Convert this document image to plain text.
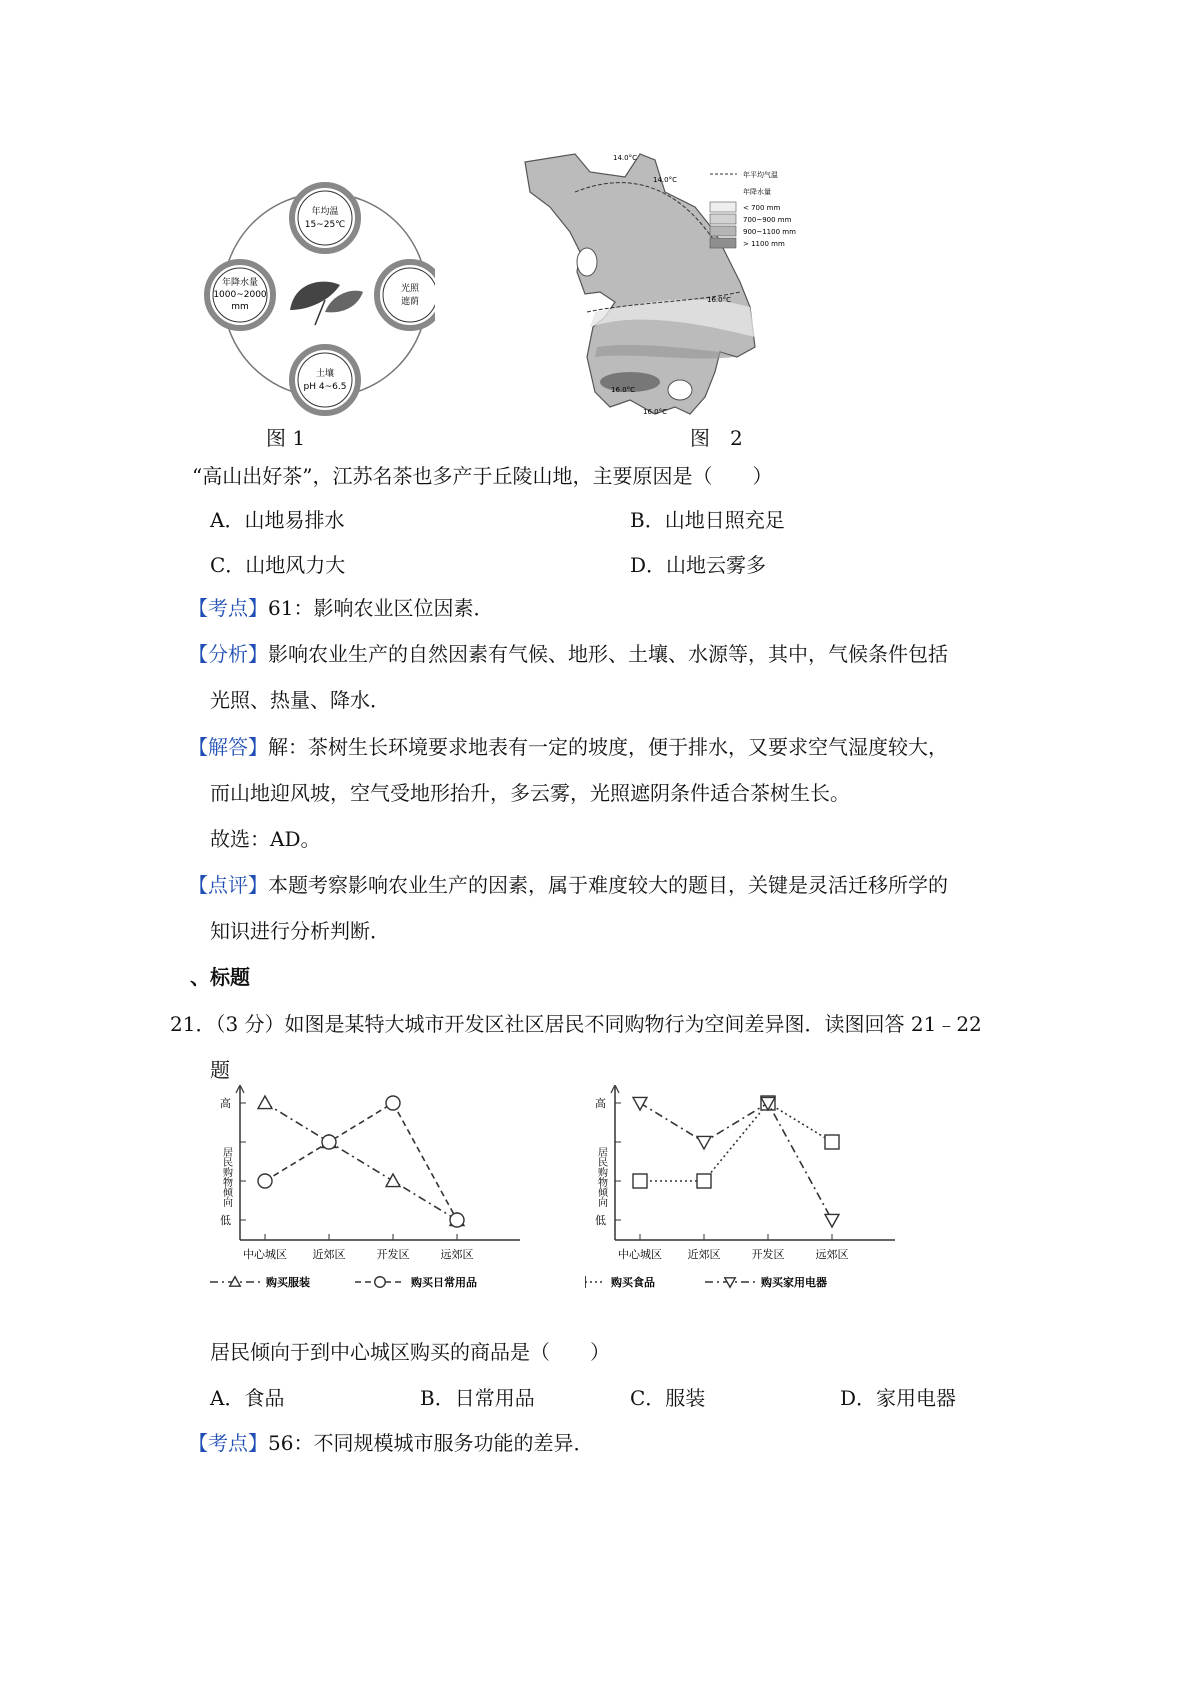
年均温
15~25℃
光照
遮荫
土壤
pH 4~6.5
年降水量
1000~2000
mm
图 1
14.0°C
14.0°C
16.0°C
16.0°C
16.0°C
年平均气温
年降水量
< 700 mm
700~900 mm
900~1100 mm
> 1100 mm
图　2
“高山出好茶”，江苏名茶也多产于丘陵山地，主要原因是（　　）
A．山地易排水	B．山地日照充足
C．山地风力大	D．山地云雾多
【考点】61：影响农业区位因素．
【分析】影响农业生产的自然因素有气候、地形、土壤、水源等，其中，气候条件包括
光照、热量、降水．
【解答】解：茶树生长环境要求地表有一定的坡度，便于排水，又要求空气湿度较大，
而山地迎风坡，空气受地形抬升，多云雾，光照遮阴条件适合茶树生长。
故选：AD。
【点评】本题考察影响农业生产的因素，属于难度较大的题目，关键是灵活迁移所学的
知识进行分析判断．
、标题
21．（3 分）如图是某特大城市开发区社区居民不同购物行为空间差异图．读图回答 21﹣22
题
高
低
居民购物倾向
中心城区 近郊区	开发区	远郊区
购买服装	购买日常用品
高
低
居民购物倾向
中心城区 近郊区	开发区	远郊区
购买食品	购买家用电器
居民倾向于到中心城区购买的商品是（　　）
A．食品	B．日常用品	C．服装	D．家用电器
【考点】56：不同规模城市服务功能的差异．
